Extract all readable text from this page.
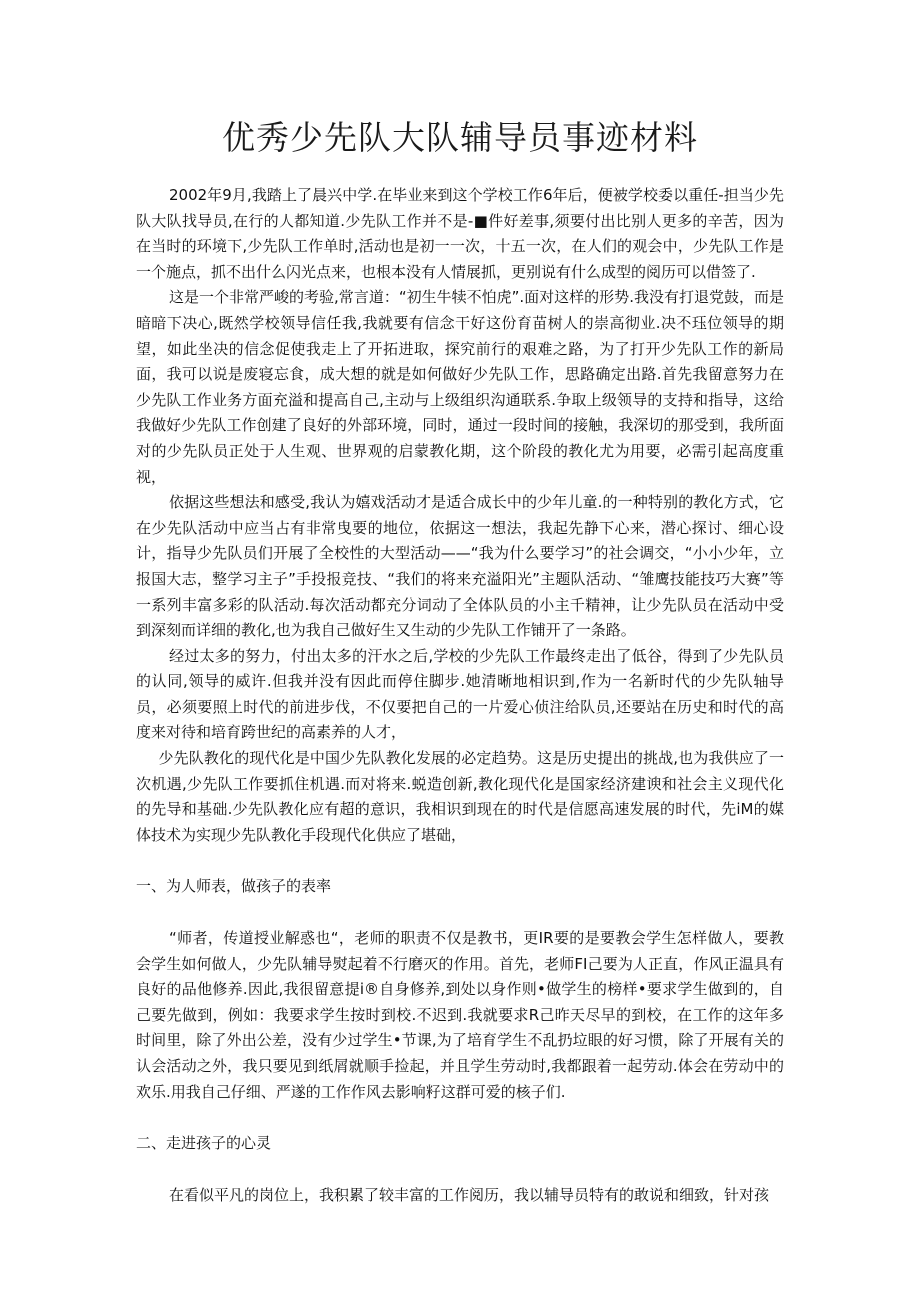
优秀少先队大队辅导员事迹材料

2002年9月,我踏上了晨兴中学.在毕业来到这个学校工作6年后，便被学校委以重任-担当少先队大队找导员,在行的人都知道.少先队工作并不是-■件好差事,须要付出比别人更多的辛苦，因为在当时的环境下,少先队工作单时,活动也是初一一次，十五一次，在人们的观会中，少先队工作是一个施点，抓不出什么闪光点来，也根本没有人情展抓，更别说有什么成型的阅历可以借签了.

这是一个非常严峻的考验,常言道：“初生牛犊不怕虎”.面对这样的形势.我没有打退党鼓，而是暗暗下决心,既然学校领导信任我,我就要有信念干好这份育苗树人的崇高彻业.决不珏位领导的期望，如此坐决的信念促使我走上了开拓进取，探究前行的艰难之路，为了打开少先队工作的新局面，我可以说是废寝忘食，成大想的就是如何做好少先队工作，思路确定出路.首先我留意努力在少先队工作业务方面充溢和提高自己,主动与上级组织沟通联系.争取上级领导的支持和指导，这给我做好少先队工作创建了良好的外部环境，同时，通过一段时间的接触，我深切的那受到，我所面对的少先队员正处于人生观、世界观的启蒙教化期，这个阶段的教化尤为用要，必需引起高度重视，

依据这些想法和感受,我认为嬉戏活动才是适合成长中的少年儿童.的一种特别的教化方式，它在少先队活动中应当占有非常曳要的地位，依据这一想法，我起先静下心来，潜心探讨、细心设计，指导少先队员们开展了全校性的大型活动——“我为什么要学习”的社会调交，“小小少年，立报国大志，整学习主子”手投报竞技、“我们的将来充溢阳光”主题队活动、“雏鹰技能技巧大赛”等一系列丰富多彩的队活动.每次活动都充分词动了全体队员的小主千精神，让少先队员在活动中受到深刻而详细的教化,也为我自己做好生又生动的少先队工作铺开了一条路。

经过太多的努力，付出太多的汗水之后,学校的少先队工作最终走出了低谷，得到了少先队员的认同,领导的威许.但我并没有因此而停住脚步.她清晰地相识到,作为一名新时代的少先队轴导员，必须要照上时代的前进步伐，不仅要把自己的一片爱心侦注给队员,还要站在历史和时代的高度来对待和培育跨世纪的高素养的人才，

少先队教化的现代化是中国少先队教化发展的必定趋势。这是历史提出的挑战,也为我供应了一次机遇,少先队工作要抓住机遇.而对将来.蜕造创新,教化现代化是国家经济建谀和社会主义现代化的先导和基础.少先队教化应有超的意识，我相识到现在的时代是信愿高速发展的时代，先iM的媒体技术为实现少先队教化手段现代化供应了堪础，

一、为人师表，做孩子的表率

“师者，传道授业解惑也“，老师的职责不仅是教书，更IR要的是要教会学生怎样做人，要教会学生如何做人，少先队辅导熨起着不行磨灭的作用。首先，老师FI己要为人正直，作风正温具有良好的品他修养.因此,我很留意提i®自身修养,到处以身作则•做学生的榜样•要求学生做到的，自己要先做到，例如：我要求学生按时到校.不迟到.我就要求R己昨天尽早的到校，在工作的这年多时间里，除了外出公差，没有少过学生•节课,为了培育学生不乱扔垃眼的好习惯，除了开展有关的认会活动之外，我只要见到纸屑就顺手捡起，并且学生劳动时,我都跟着一起劳动.体会在劳动中的欢乐.用我自己仔细、严遂的工作作风去影响籽这群可爱的核子们.

二、走进孩子的心灵

在看似平凡的岗位上，我积累了较丰富的工作阅历，我以辅导员特有的敢说和细致，针对孩
